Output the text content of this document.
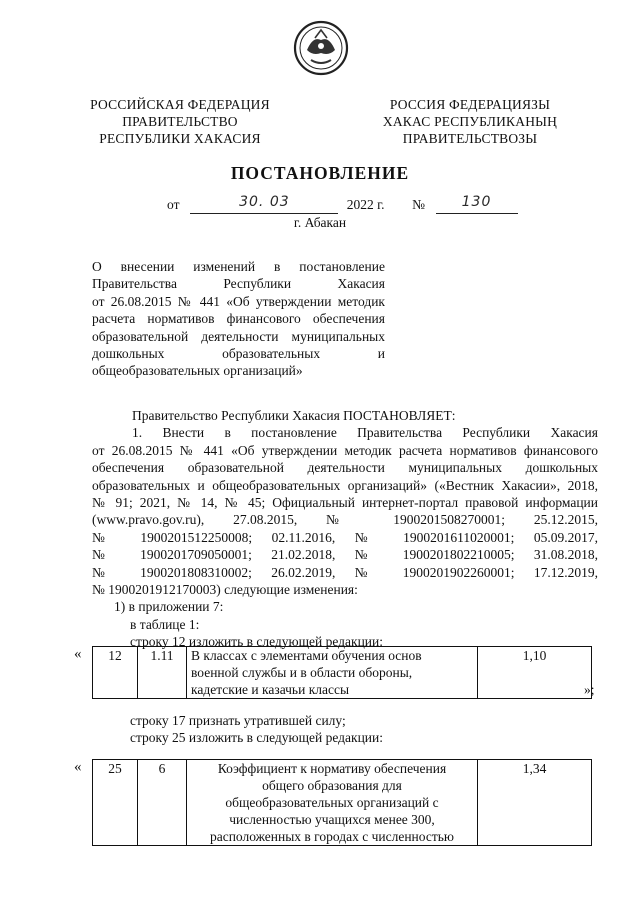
РОССИЙСКАЯ ФЕДЕРАЦИЯ
ПРАВИТЕЛЬСТВО
РЕСПУБЛИКИ ХАКАСИЯ
РОССИЯ ФЕДЕРАЦИЯЗЫ
ХАКАС РЕСПУБЛИКАНЫҢ
ПРАВИТЕЛЬСТВОЗЫ
ПОСТАНОВЛЕНИЕ
от	30. 03	2022 г. №	130
г. Абакан
О внесении изменений в постановление
Правительства Республики Хакасия
от 26.08.2015 № 441 «Об утверждении методик
расчета нормативов финансового обеспечения
образовательной деятельности муниципальных
дошкольных образовательных и
общеобразовательных организаций»
Правительство Республики Хакасия ПОСТАНОВЛЯЕТ:
1. Внести в постановление Правительства Республики Хакасия
от 26.08.2015 № 441 «Об утверждении методик расчета нормативов финансового
обеспечения образовательной деятельности муниципальных дошкольных
образовательных и общеобразовательных организаций» («Вестник Хакасии», 2018,
№ 91; 2021, № 14, № 45; Официальный интернет-портал правовой информации
(www.pravo.gov.ru), 27.08.2015, № 1900201508270001; 25.12.2015,
№ 1900201512250008; 02.11.2016, № 1900201611020001; 05.09.2017,
№ 1900201709050001; 21.02.2018, № 1900201802210005; 31.08.2018,
№ 1900201808310002; 26.02.2019, № 1900201902260001; 17.12.2019,
№ 1900201912170003) следующие изменения:
1) в приложении 7:
в таблице 1:
строку 12 изложить в следующей редакции:
« 12	1.11	В классах с элементами обучения основ
военной службы и в области обороны,
кадетские и казачьи классы
	1,10
»;
строку 17 признать утратившей силу;
строку 25 изложить в следующей редакции:
« 25	6	Коэффициент к нормативу обеспечения
общего образования для
общеобразовательных организаций с
численностью учащихся менее 300,
расположенных в городах с численностью
	1,34
